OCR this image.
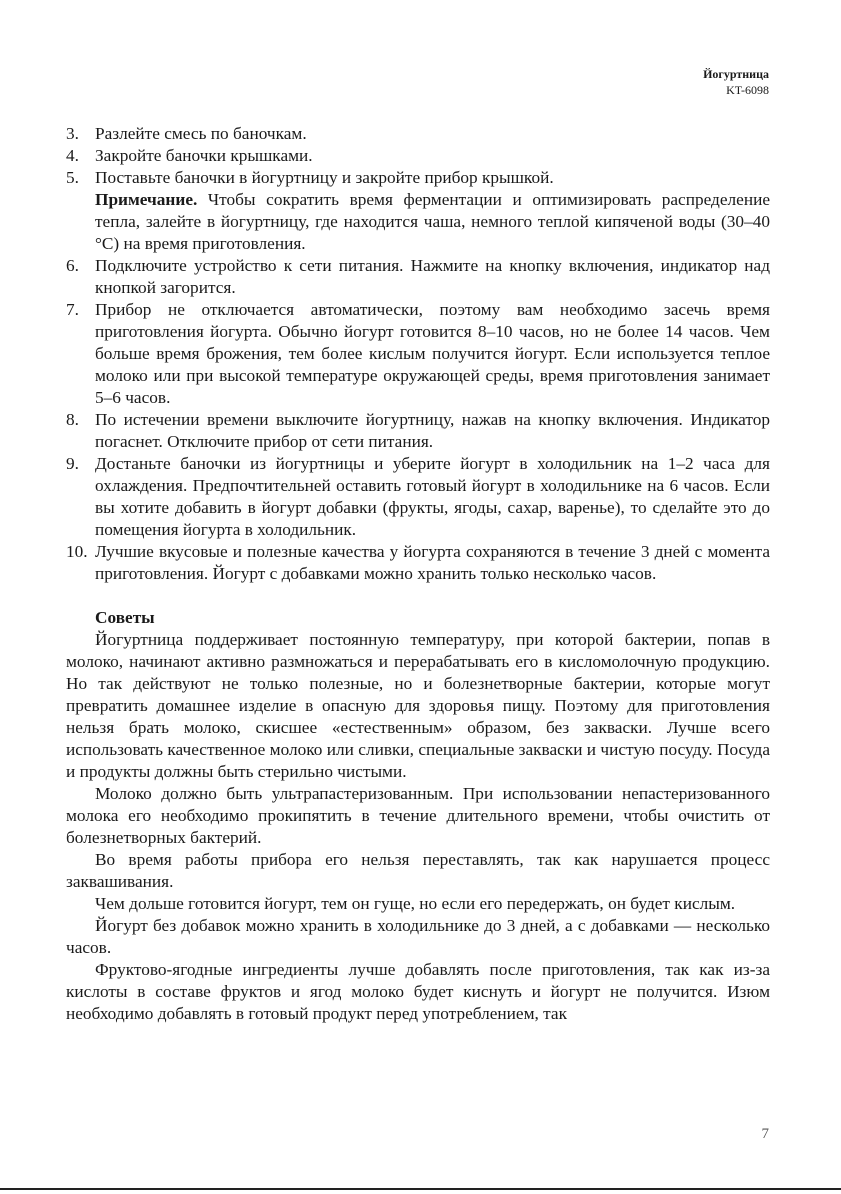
Йогуртница
KT-6098
3. Разлейте смесь по баночкам.
4. Закройте баночки крышками.
5. Поставьте баночки в йогуртницу и закройте прибор крышкой.
Примечание. Чтобы сократить время ферментации и оптимизировать распределение тепла, залейте в йогуртницу, где находится чаша, немного теплой кипяченой воды (30–40 °C) на время приготовления.
6. Подключите устройство к сети питания. Нажмите на кнопку включения, индикатор над кнопкой загорится.
7. Прибор не отключается автоматически, поэтому вам необходимо засечь время приготовления йогурта. Обычно йогурт готовится 8–10 часов, но не более 14 часов. Чем больше время брожения, тем более кислым получится йогурт. Если используется теплое молоко или при высокой температуре окружающей среды, время приготовления занимает 5–6 часов.
8. По истечении времени выключите йогуртницу, нажав на кнопку включения. Индикатор погаснет. Отключите прибор от сети питания.
9. Достаньте баночки из йогуртницы и уберите йогурт в холодильник на 1–2 часа для охлаждения. Предпочтительней оставить готовый йогурт в холодильнике на 6 часов. Если вы хотите добавить в йогурт добавки (фрукты, ягоды, сахар, варенье), то сделайте это до помещения йогурта в холодильник.
10. Лучшие вкусовые и полезные качества у йогурта сохраняются в течение 3 дней с момента приготовления. Йогурт с добавками можно хранить только несколько часов.
Советы

Йогуртница поддерживает постоянную температуру, при которой бактерии, попав в молоко, начинают активно размножаться и перерабатывать его в кисломолочную продукцию. Но так действуют не только полезные, но и болезнетворные бактерии, которые могут превратить домашнее изделие в опасную для здоровья пищу. Поэтому для приготовления нельзя брать молоко, скисшее «естественным» образом, без закваски. Лучше всего использовать качественное молоко или сливки, специальные закваски и чистую посуду. Посуда и продукты должны быть стерильно чистыми.

Молоко должно быть ультрапастеризованным. При использовании непастеризованного молока его необходимо прокипятить в течение длительного времени, чтобы очистить от болезнетворных бактерий.

Во время работы прибора его нельзя переставлять, так как нарушается процесс заквашивания.

Чем дольше готовится йогурт, тем он гуще, но если его передержать, он будет кислым.

Йогурт без добавок можно хранить в холодильнике до 3 дней, а с добавками — несколько часов.

Фруктово-ягодные ингредиенты лучше добавлять после приготовления, так как из-за кислоты в составе фруктов и ягод молоко будет киснуть и йогурт не получится. Изюм необходимо добавлять в готовый продукт перед употреблением, так

7
